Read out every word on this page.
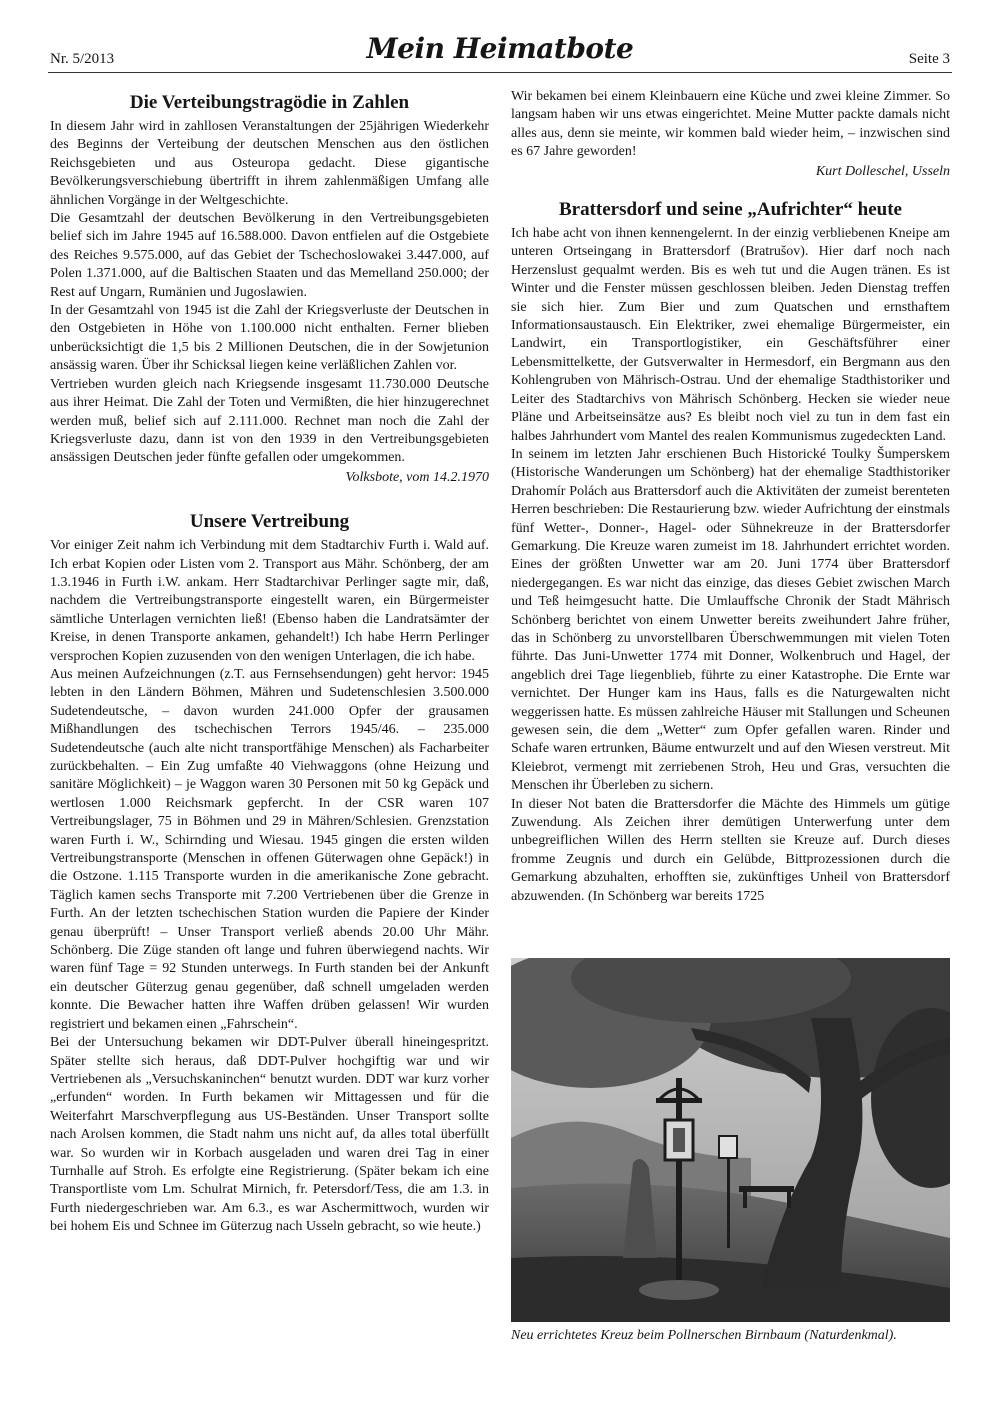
Nr. 5/2013	Mein Heimatbote	Seite 3
Die Verteibungstragödie in Zahlen

In diesem Jahr wird in zahllosen Veranstaltungen der 25jährigen Wiederkehr des Beginns der Verteibung der deutschen Menschen aus den östlichen Reichsgebieten und aus Osteuropa gedacht. Diese gigantische Bevölkerungsverschiebung übertrifft in ihrem zahlenmäßigen Umfang alle ähnlichen Vorgänge in der Weltgeschichte.

Die Gesamtzahl der deutschen Bevölkerung in den Vertreibungsgebieten belief sich im Jahre 1945 auf 16.588.000. Davon entfielen auf die Ostgebiete des Reiches 9.575.000, auf das Gebiet der Tschechoslowakei 3.447.000, auf Polen 1.371.000, auf die Baltischen Staaten und das Memelland 250.000; der Rest auf Ungarn, Rumänien und Jugoslawien.

In der Gesamtzahl von 1945 ist die Zahl der Kriegsverluste der Deutschen in den Ostgebieten in Höhe von 1.100.000 nicht enthalten. Ferner blieben unberücksichtigt die 1,5 bis 2 Millionen Deutschen, die in der Sowjetunion ansässig waren. Über ihr Schicksal liegen keine verläßlichen Zahlen vor.

Vertrieben wurden gleich nach Kriegsende insgesamt 11.730.000 Deutsche aus ihrer Heimat. Die Zahl der Toten und Vermißten, die hier hinzugerechnet werden muß, belief sich auf 2.111.000. Rechnet man noch die Zahl der Kriegsverluste dazu, dann ist von den 1939 in den Vertreibungsgebieten ansässigen Deutschen jeder fünfte gefallen oder umgekommen.

Volksbote, vom 14.2.1970
Unsere Vertreibung

Vor einiger Zeit nahm ich Verbindung mit dem Stadtarchiv Furth i. Wald auf. Ich erbat Kopien oder Listen vom 2. Transport aus Mähr. Schönberg, der am 1.3.1946 in Furth i.W. ankam. Herr Stadtarchivar Perlinger sagte mir, daß, nachdem die Vertreibungstransporte eingestellt waren, ein Bürgermeister sämtliche Unterlagen vernichten ließ! (Ebenso haben die Landratsämter der Kreise, in denen Transporte ankamen, gehandelt!) Ich habe Herrn Perlinger versprochen Kopien zuzusenden von den wenigen Unterlagen, die ich habe.

Aus meinen Aufzeichnungen (z.T. aus Fernsehsendungen) geht hervor: 1945 lebten in den Ländern Böhmen, Mähren und Sudetenschlesien 3.500.000 Sudetendeutsche, – davon wurden 241.000 Opfer der grausamen Mißhandlungen des tschechischen Terrors 1945/46. – 235.000 Sudetendeutsche (auch alte nicht transportfähige Menschen) als Facharbeiter zurückbehalten. – Ein Zug umfaßte 40 Viehwaggons (ohne Heizung und sanitäre Möglichkeit) – je Waggon waren 30 Personen mit 50 kg Gepäck und wertlosen 1.000 Reichsmark gepfercht. In der CSR waren 107 Vertreibungslager, 75 in Böhmen und 29 in Mähren/Schlesien. Grenzstation waren Furth i. W., Schirnding und Wiesau. 1945 gingen die ersten wilden Vertreibungstransporte (Menschen in offenen Güterwagen ohne Gepäck!) in die Ostzone. 1.115 Transporte wurden in die amerikanische Zone gebracht. Täglich kamen sechs Transporte mit 7.200 Vertriebenen über die Grenze in Furth. An der letzten tschechischen Station wurden die Papiere der Kinder genau überprüft! – Unser Transport verließ abends 20.00 Uhr Mähr. Schönberg. Die Züge standen oft lange und fuhren überwiegend nachts. Wir waren fünf Tage = 92 Stunden unterwegs. In Furth standen bei der Ankunft ein deutscher Güterzug genau gegenüber, daß schnell umgeladen werden konnte. Die Bewacher hatten ihre Waffen drüben gelassen! Wir wurden registriert und bekamen einen „Fahrschein“.

Bei der Untersuchung bekamen wir DDT-Pulver überall hineingespritzt. Später stellte sich heraus, daß DDT-Pulver hochgiftig war und wir Vertriebenen als „Versuchskaninchen“ benutzt wurden. DDT war kurz vorher „erfunden“ worden. In Furth bekamen wir Mittagessen und für die Weiterfahrt Marschverpflegung aus US-Beständen. Unser Transport sollte nach Arolsen kommen, die Stadt nahm uns nicht auf, da alles total überfüllt war. So wurden wir in Korbach ausgeladen und waren drei Tag in einer Turnhalle auf Stroh. Es erfolgte eine Registrierung. (Später bekam ich eine Transportliste vom Lm. Schulrat Mirnich, fr. Petersdorf/Tess, die am 1.3. in Furth niedergeschrieben war. Am 6.3., es war Aschermittwoch, wurden wir bei hohem Eis und Schnee im Güterzug nach Usseln gebracht, so wie heute.)

Wir bekamen bei einem Kleinbauern eine Küche und zwei kleine Zimmer. So langsam haben wir uns etwas eingerichtet. Meine Mutter packte damals nicht alles aus, denn sie meinte, wir kommen bald wieder heim, – inzwischen sind es 67 Jahre geworden!

Kurt Dolleschel, Usseln
Brattersdorf und seine „Aufrichter“ heute

Ich habe acht von ihnen kennengelernt. In der einzig verbliebenen Kneipe am unteren Ortseingang in Brattersdorf (Bratrušov). Hier darf noch nach Herzenslust gequalmt werden. Bis es weh tut und die Augen tränen. Es ist Winter und die Fenster müssen geschlossen bleiben. Jeden Dienstag treffen sie sich hier. Zum Bier und zum Quatschen und ernsthaftem Informationsaustausch. Ein Elektriker, zwei ehemalige Bürgermeister, ein Landwirt, ein Transportlogistiker, ein Geschäftsführer einer Lebensmittelkette, der Gutsverwalter in Hermesdorf, ein Bergmann aus den Kohlengruben von Mährisch-Ostrau. Und der ehemalige Stadthistoriker und Leiter des Stadtarchivs von Mährisch Schönberg. Hecken sie wieder neue Pläne und Arbeitseinsätze aus? Es bleibt noch viel zu tun in dem fast ein halbes Jahrhundert vom Mantel des realen Kommunismus zugedeckten Land.

In seinem im letzten Jahr erschienen Buch Historické Toulky Šumperskem (Historische Wanderungen um Schönberg) hat der ehemalige Stadthistoriker Drahomír Polách aus Brattersdorf auch die Aktivitäten der zumeist berenteten Herren beschrieben: Die Restaurierung bzw. wieder Aufrichtung der einstmals fünf Wetter-, Donner-, Hagel- oder Sühnekreuze in der Brattersdorfer Gemarkung. Die Kreuze waren zumeist im 18. Jahrhundert errichtet worden. Eines der größten Unwetter war am 20. Juni 1774 über Brattersdorf niedergegangen. Es war nicht das einzige, das dieses Gebiet zwischen March und Teß heimgesucht hatte. Die Umlauffsche Chronik der Stadt Mährisch Schönberg berichtet von einem Unwetter bereits zweihundert Jahre früher, das in Schönberg zu unvorstellbaren Überschwemmungen mit vielen Toten führte. Das Juni-Unwetter 1774 mit Donner, Wolkenbruch und Hagel, der angeblich drei Tage liegenblieb, führte zu einer Katastrophe. Die Ernte war vernichtet. Der Hunger kam ins Haus, falls es die Naturgewalten nicht weggerissen hatte. Es müssen zahlreiche Häuser mit Stallungen und Scheunen gewesen sein, die dem „Wetter“ zum Opfer gefallen waren. Rinder und Schafe waren ertrunken, Bäume entwurzelt und auf den Wiesen verstreut. Mit Kleiebrot, vermengt mit zerriebenen Stroh, Heu und Gras, versuchten die Menschen ihr Überleben zu sichern.

In dieser Not baten die Brattersdorfer die Mächte des Himmels um gütige Zuwendung. Als Zeichen ihrer demütigen Unterwerfung unter dem unbegreiflichen Willen des Herrn stellten sie Kreuze auf. Durch dieses fromme Zeugnis und durch ein Gelübde, Bittprozessionen durch die Gemarkung abzuhalten, erhofften sie, zukünftiges Unheil von Brattersdorf abzuwenden. (In Schönberg war bereits 1725

Neu errichtetes Kreuz beim Pollnerschen Birnbaum (Naturdenkmal).
